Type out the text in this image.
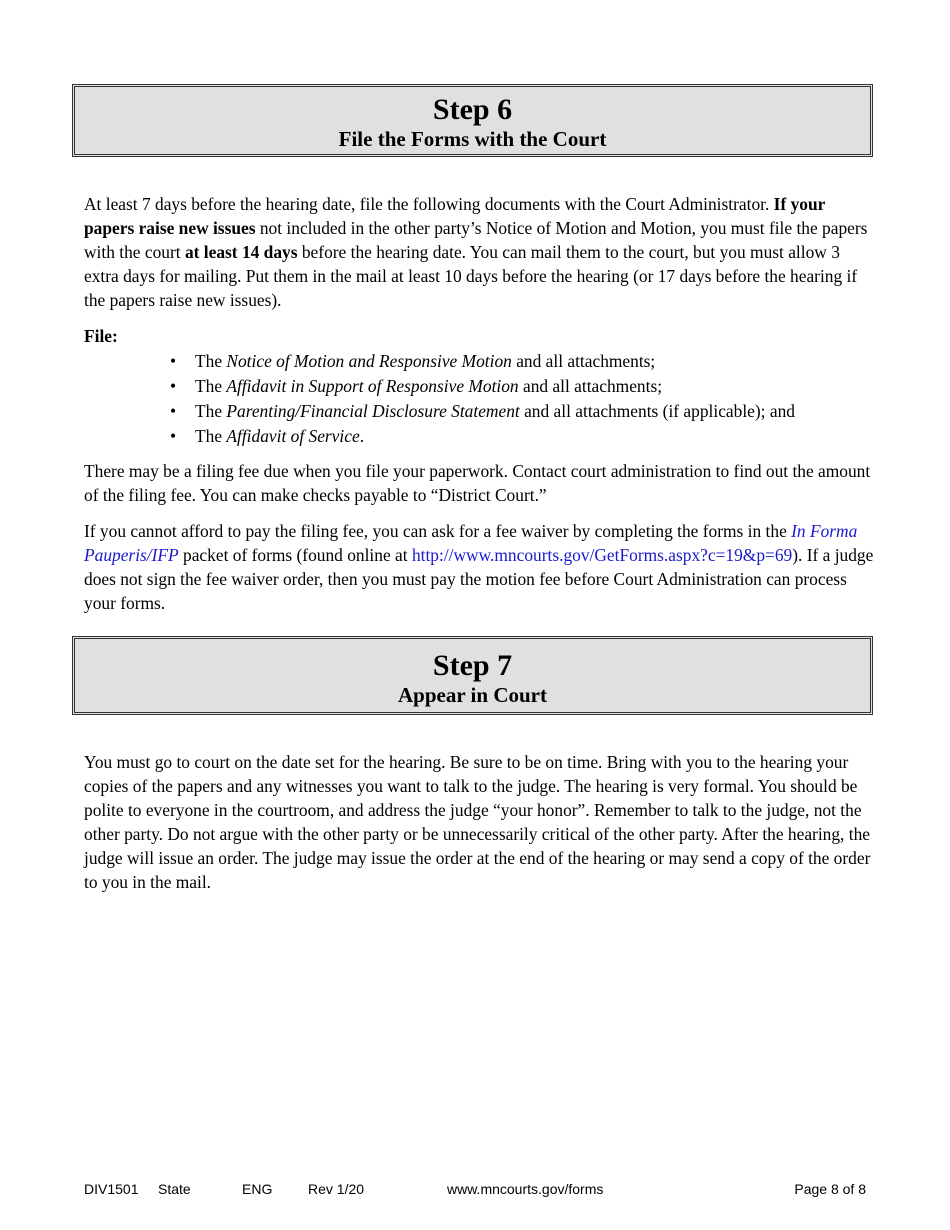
Step 6
File the Forms with the Court

At least 7 days before the hearing date, file the following documents with the Court Administrator. If your papers raise new issues not included in the other party’s Notice of Motion and Motion, you must file the papers with the court at least 14 days before the hearing date. You can mail them to the court, but you must allow 3 extra days for mailing. Put them in the mail at least 10 days before the hearing (or 17 days before the hearing if the papers raise new issues).

File:

• The Notice of Motion and Responsive Motion and all attachments;
• The Affidavit in Support of Responsive Motion and all attachments;
• The Parenting/Financial Disclosure Statement and all attachments (if applicable); and
• The Affidavit of Service.

There may be a filing fee due when you file your paperwork. Contact court administration to find out the amount of the filing fee. You can make checks payable to “District Court.”

If you cannot afford to pay the filing fee, you can ask for a fee waiver by completing the forms in the In Forma Pauperis/IFP packet of forms (found online at http://www.mncourts.gov/GetForms.aspx?c=19&p=69). If a judge does not sign the fee waiver order, then you must pay the motion fee before Court Administration can process your forms.

Step 7
Appear in Court

You must go to court on the date set for the hearing. Be sure to be on time. Bring with you to the hearing your copies of the papers and any witnesses you want to talk to the judge. The hearing is very formal. You should be polite to everyone in the courtroom, and address the judge “your honor”. Remember to talk to the judge, not the other party. Do not argue with the other party or be unnecessarily critical of the other party. After the hearing, the judge will issue an order. The judge may issue the order at the end of the hearing or may send a copy of the order to you in the mail.

DIV1501 State	ENG	Rev 1/20	www.mncourts.gov/forms	Page 8 of 8
